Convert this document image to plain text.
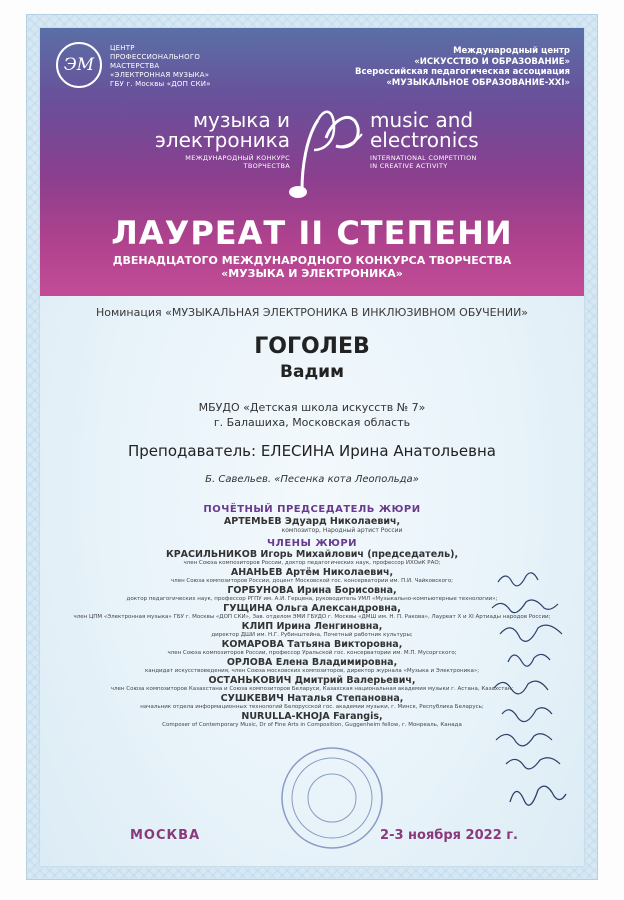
ЭМ
ЦЕНТР
ПРОФЕССИОНАЛЬНОГО
МАСТЕРСТВА
«ЭЛЕКТРОННАЯ МУЗЫКА»
ГБУ г. Москвы «ДОП СКИ»
Международный центр
«ИСКУССТВО И ОБРАЗОВАНИЕ»
Всероссийская педагогическая ассоциация
«МУЗЫКАЛЬНОЕ ОБРАЗОВАНИЕ-XXI»
музыка и
электроника
МЕЖДУНАРОДНЫЙ КОНКУРС
ТВОРЧЕСТВА
music and
electronics
INTERNATIONAL COMPETITION
IN CREATIVE ACTIVITY
ЛАУРЕАТ II СТЕПЕНИ
ДВЕНАДЦАТОГО МЕЖДУНАРОДНОГО КОНКУРСА ТВОРЧЕСТВА
«МУЗЫКА И ЭЛЕКТРОНИКА»
Номинация «МУЗЫКАЛЬНАЯ ЭЛЕКТРОНИКА В ИНКЛЮЗИВНОМ ОБУЧЕНИИ»
ГОГОЛЕВ
Вадим
МБУДО «Детская школа искусств № 7»
г. Балашиха, Московская область
Преподаватель: ЕЛЕСИНА Ирина Анатольевна
Б. Савельев. «Песенка кота Леопольда»
ПОЧЁТНЫЙ ПРЕДСЕДАТЕЛЬ ЖЮРИ
АРТЕМЬЕВ Эдуард Николаевич,
композитор, Народный артист России
ЧЛЕНЫ ЖЮРИ
КРАСИЛЬНИКОВ Игорь Михайлович (председатель),
член Союза композиторов России, доктор педагогических наук, профессор ИХОиК РАО;
АНАНЬЕВ Артём Николаевич,
член Союза композиторов России, доцент Московской гос. консерватории им. П.И. Чайковского;
ГОРБУНОВА Ирина Борисовна,
доктор педагогических наук, профессор РГПУ им. А.И. Герцена, руководитель УМЛ «Музыкально-компьютерные технологии»;
ГУЩИНА Ольга Александровна,
член ЦПМ «Электронная музыка» ГБУ г. Москвы «ДОП СКИ», Зав. отделом ЭМИ ГБУДО г. Москвы «ДМШ им. Н. П. Ракова», Лауреат X и XI Артиады народов России;
КЛИП Ирина Ленгиновна,
директор ДШИ им. Н.Г. Рубинштейна, Почетный работник культуры;
КОМАРОВА Татьяна Викторовна,
член Союза композиторов России, профессор Уральской гос. консерватории им. М.П. Мусоргского;
ОРЛОВА Елена Владимировна,
кандидат искусствоведения, член Союза московских композиторов, директор журнала «Музыка и Электроника»;
ОСТАНЬКОВИЧ Дмитрий Валерьевич,
член Союза композиторов Казахстана и Союза композиторов Беларуси, Казахская национальная академия музыки г. Астана, Казахстан;
СУШКЕВИЧ Наталья Степановна,
начальник отдела информационных технологий Белорусской гос. академии музыки, г. Минск, Республика Беларусь;
NURULLA-KHOJA Farangis,
Composer of Contemporary Music, Dr of Fine Arts in Composition, Guggenheim fellow, г. Монреаль, Канада
МОСКВА	2-3 ноября 2022 г.
